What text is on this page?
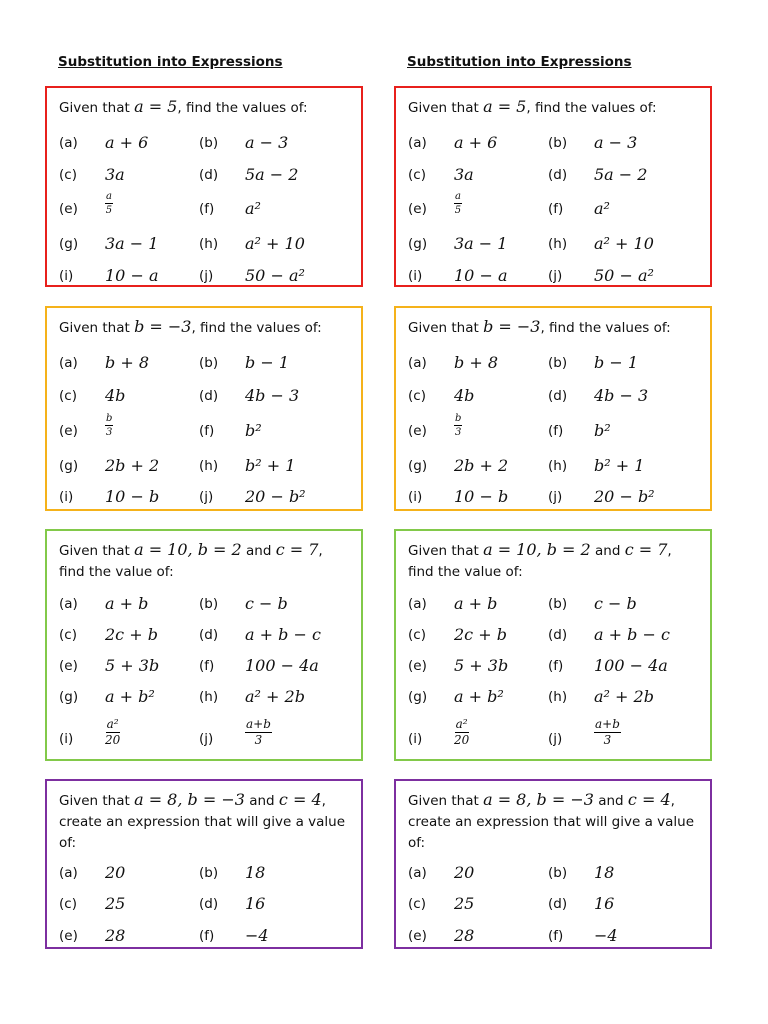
Substitution into Expressions
Given that a = 5, find the values of:
(a) a + 6	(b) a − 3
(c) 3a	(d) 5a − 2
(e)	$\frac{a}{5}$	(f) a²
(g) 3a − 1	(h) a² + 10
(i) 10 − a	(j) 50 − a²
Given that b = −3, find the values of:
(a) b + 8	(b) b − 1
(c) 4b	(d) 4b − 3
(e)	$\frac{b}{3}$	(f) b²
(g) 2b + 2	(h) b² + 1
(i) 10 − b	(j) 20 − b²
Given that a = 10, b = 2 and c = 7, find the value of:
(a) a + b	(b) c − b
(c) 2c + b	(d) a + b − c
(e) 5 + 3b	(f) 100 − 4a
(g) a + b²	(h) a² + 2b
(i)	$\frac{\text{a²}}{20}$	(j)	$\frac{a+b}{3}$
Given that a = 8, b = −3 and c = 4, create an expression that will give a value of:
(a) 20	(b) 18
(c) 25	(d) 16
(e) 28	(f) −4
Substitution into Expressions
Given that a = 5, find the values of:
(a) a + 6	(b) a − 3
(c) 3a	(d) 5a − 2
(e)	$\frac{a}{5}$	(f) a²
(g) 3a − 1	(h) a² + 10
(i) 10 − a	(j) 50 − a²
Given that b = −3, find the values of:
(a) b + 8	(b) b − 1
(c) 4b	(d) 4b − 3
(e)	$\frac{b}{3}$	(f) b²
(g) 2b + 2	(h) b² + 1
(i) 10 − b	(j) 20 − b²
Given that a = 10, b = 2 and c = 7, find the value of:
(a) a + b	(b) c − b
(c) 2c + b	(d) a + b − c
(e) 5 + 3b	(f) 100 − 4a
(g) a + b²	(h) a² + 2b
(i)	$\frac{\text{a²}}{20}$	(j)	$\frac{a+b}{3}$
Given that a = 8, b = −3 and c = 4, create an expression that will give a value of:
(a) 20	(b) 18
(c) 25	(d) 16
(e) 28	(f) −4
